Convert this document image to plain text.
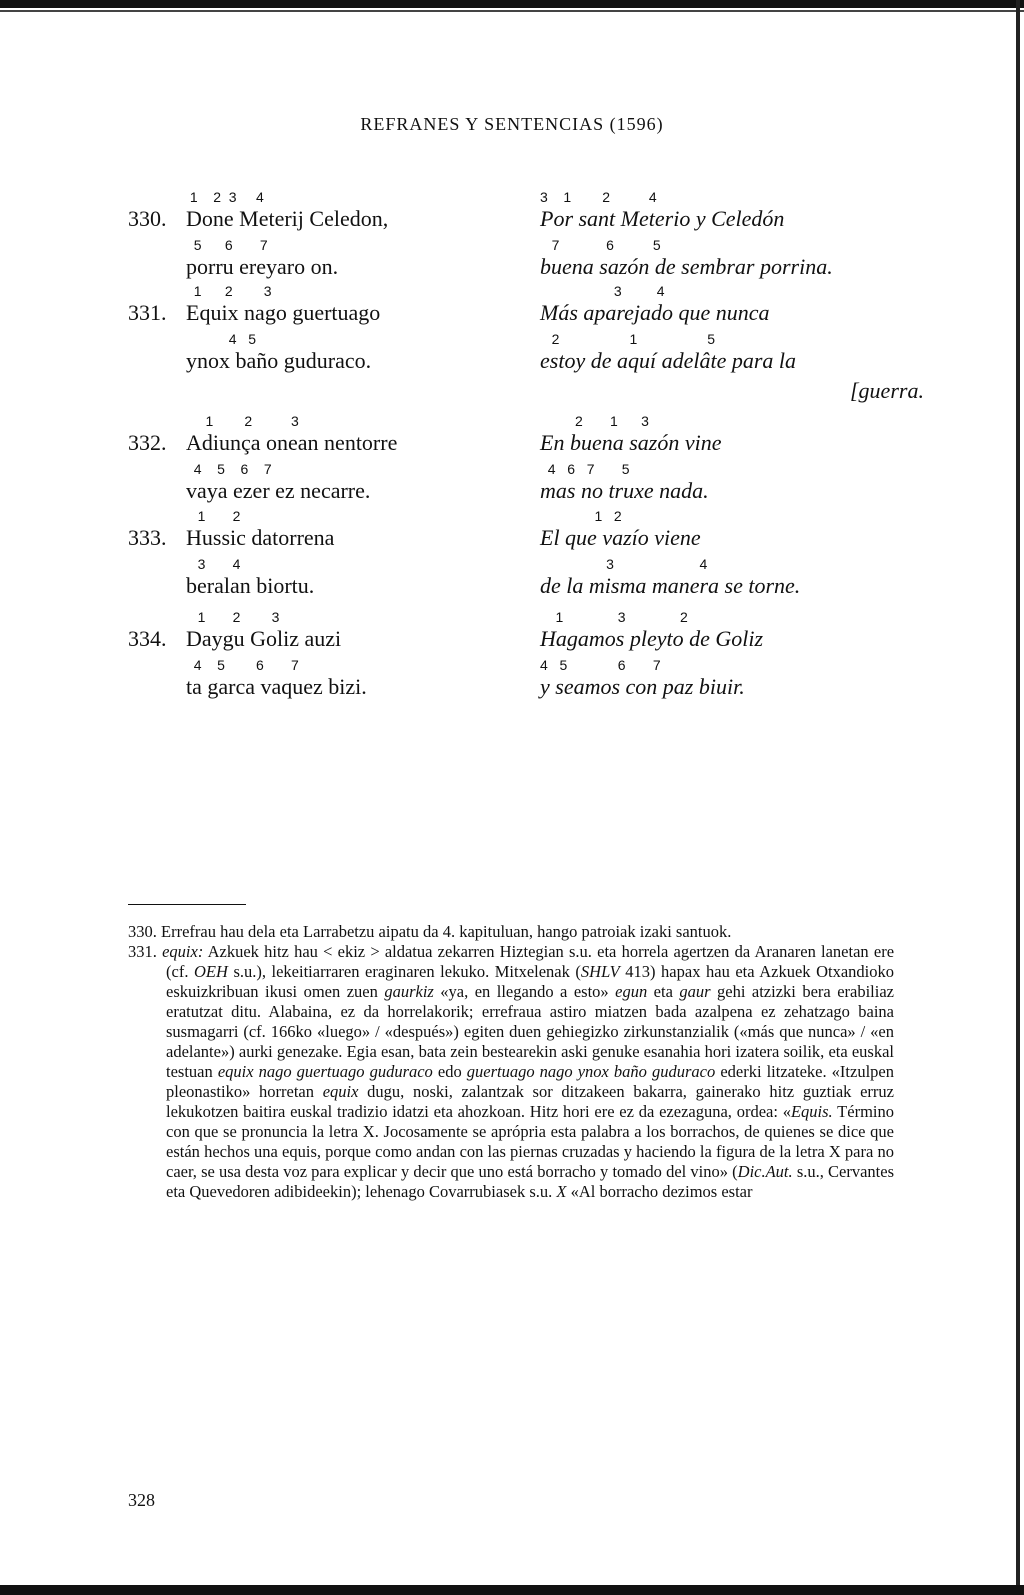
REFRANES Y SENTENCIAS (1596)
330.
1    2  3     4
Done Meterij Celedon,
5      6       7
porru ereyaro on.
3    1        2          4
Por sant Meterio y Celedón
7            6          5
buena sazón de sembrar porrina.
331.
1      2        3
Equix nago guertuago
4   5
ynox baño guduraco.
3         4
Más aparejado que nunca
2                  1                  5
estoy de aquí adelâte para la
[guerra.
332.
1        2          3
Adiunça onean nentorre
4    5    6    7
vaya ezer ez necarre.
2       1      3
En buena sazón vine
4   6   7       5
mas no truxe nada.
333.
1       2
Hussic datorrena
3       4
beralan biortu.
1   2
El que vazío viene
3                      4
de la misma manera se torne.
334.
1       2        3
Daygu Goliz auzi
4    5        6       7
ta garca vaquez bizi.
1              3              2
Hagamos pleyto de Goliz
4   5             6       7
y seamos con paz biuir.

330. Errefrau hau dela eta Larrabetzu aipatu da 4. kapituluan, hango patroiak izaki santuok.

331. equix: Azkuek hitz hau < ekiz > aldatua zekarren Hiztegian s.u. eta horrela agertzen da Aranaren lanetan ere (cf. OEH s.u.), lekeitiarraren eraginaren lekuko. Mitxelenak (SHLV 413) hapax hau eta Azkuek Otxandioko eskuizkribuan ikusi omen zuen gaurkiz «ya, en llegando a esto» egun eta gaur gehi atzizki bera erabiliaz eratutzat ditu. Alabaina, ez da horrelakorik; errefraua astiro miatzen bada azalpena ez zehatzago baina susmagarri (cf. 166ko «luego» / «después») egiten duen gehiegizko zirkunstanzialik («más que nunca» / «en adelante») aurki genezake. Egia esan, bata zein bestearekin aski genuke esanahia hori izatera soilik, eta euskal testuan equix nago guertuago guduraco edo guertuago nago ynox baño guduraco ederki litzateke. «Itzulpen pleonastiko» horretan equix dugu, noski, zalantzak sor ditzakeen bakarra, gainerako hitz guztiak erruz lekukotzen baitira euskal tradizio idatzi eta ahozkoan. Hitz hori ere ez da ezezaguna, ordea: «Equis. Término con que se pronuncia la letra X. Jocosamente se aprópria esta palabra a los borrachos, de quienes se dice que están hechos una equis, porque como andan con las piernas cruzadas y haciendo la figura de la letra X para no caer, se usa desta voz para explicar y decir que uno está borracho y tomado del vino» (Dic.Aut. s.u., Cervantes eta Quevedoren adibideekin); lehenago Covarrubiasek s.u. X «Al borracho dezimos estar

328
